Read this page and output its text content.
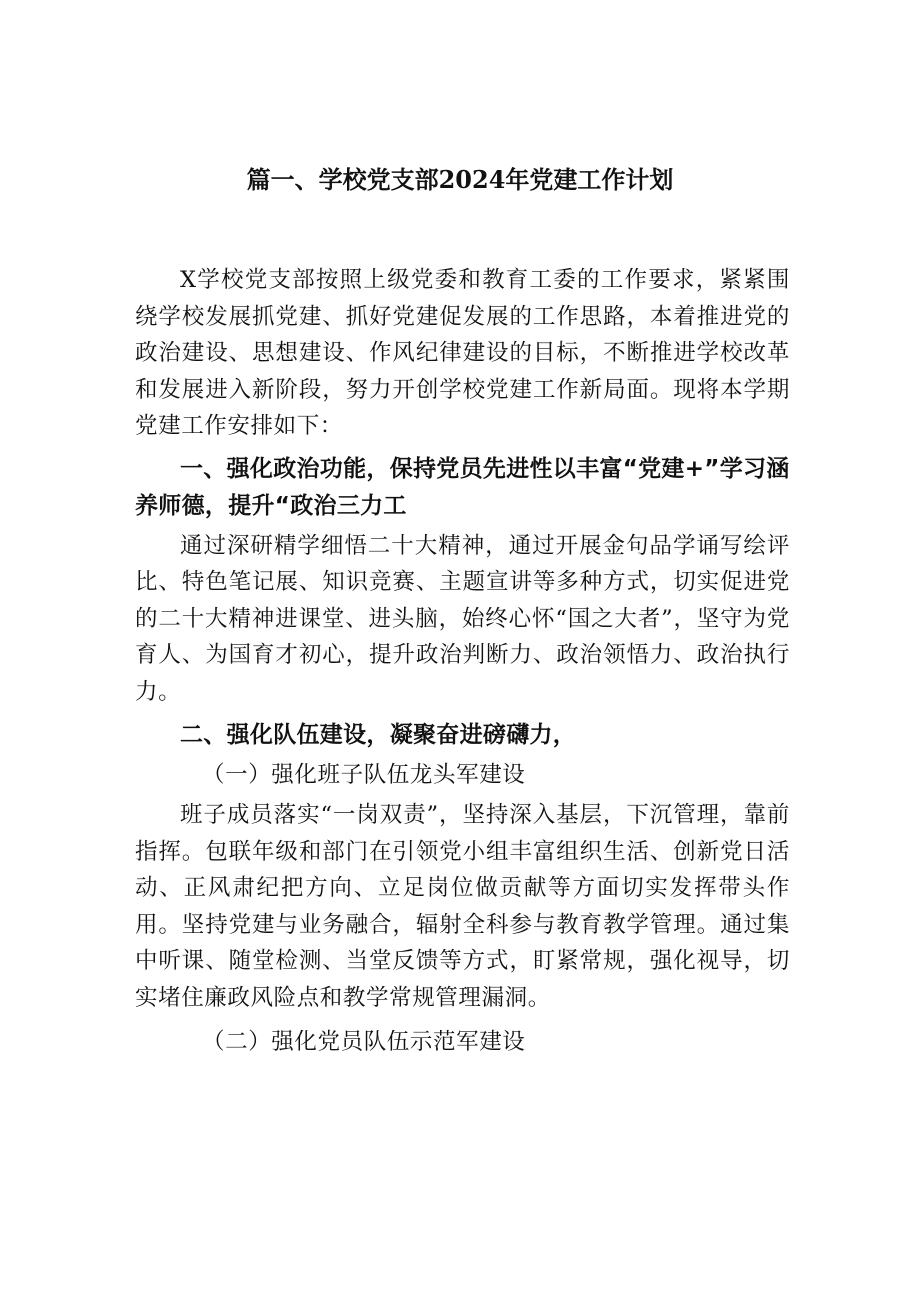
篇一、学校党支部2024年党建工作计划

X学校党支部按照上级党委和教育工委的工作要求，紧紧围绕学校发展抓党建、抓好党建促发展的工作思路，本着推进党的政治建设、思想建设、作风纪律建设的目标，不断推进学校改革和发展进入新阶段，努力开创学校党建工作新局面。现将本学期党建工作安排如下：

一、强化政治功能，保持党员先进性以丰富“党建+”学习涵养师德，提升“政治三力工

通过深研精学细悟二十大精神，通过开展金句品学诵写绘评比、特色笔记展、知识竞赛、主题宣讲等多种方式，切实促进党的二十大精神进课堂、进头脑，始终心怀“国之大者”，坚守为党育人、为国育才初心，提升政治判断力、政治领悟力、政治执行力。

二、强化队伍建设，凝聚奋进磅礴力，

（一）强化班子队伍龙头军建设

班子成员落实“一岗双责”，坚持深入基层，下沉管理，靠前指挥。包联年级和部门在引领党小组丰富组织生活、创新党日活动、正风肃纪把方向、立足岗位做贡献等方面切实发挥带头作用。坚持党建与业务融合，辐射全科参与教育教学管理。通过集中听课、随堂检测、当堂反馈等方式，盯紧常规，强化视导，切实堵住廉政风险点和教学常规管理漏洞。

（二）强化党员队伍示范军建设
